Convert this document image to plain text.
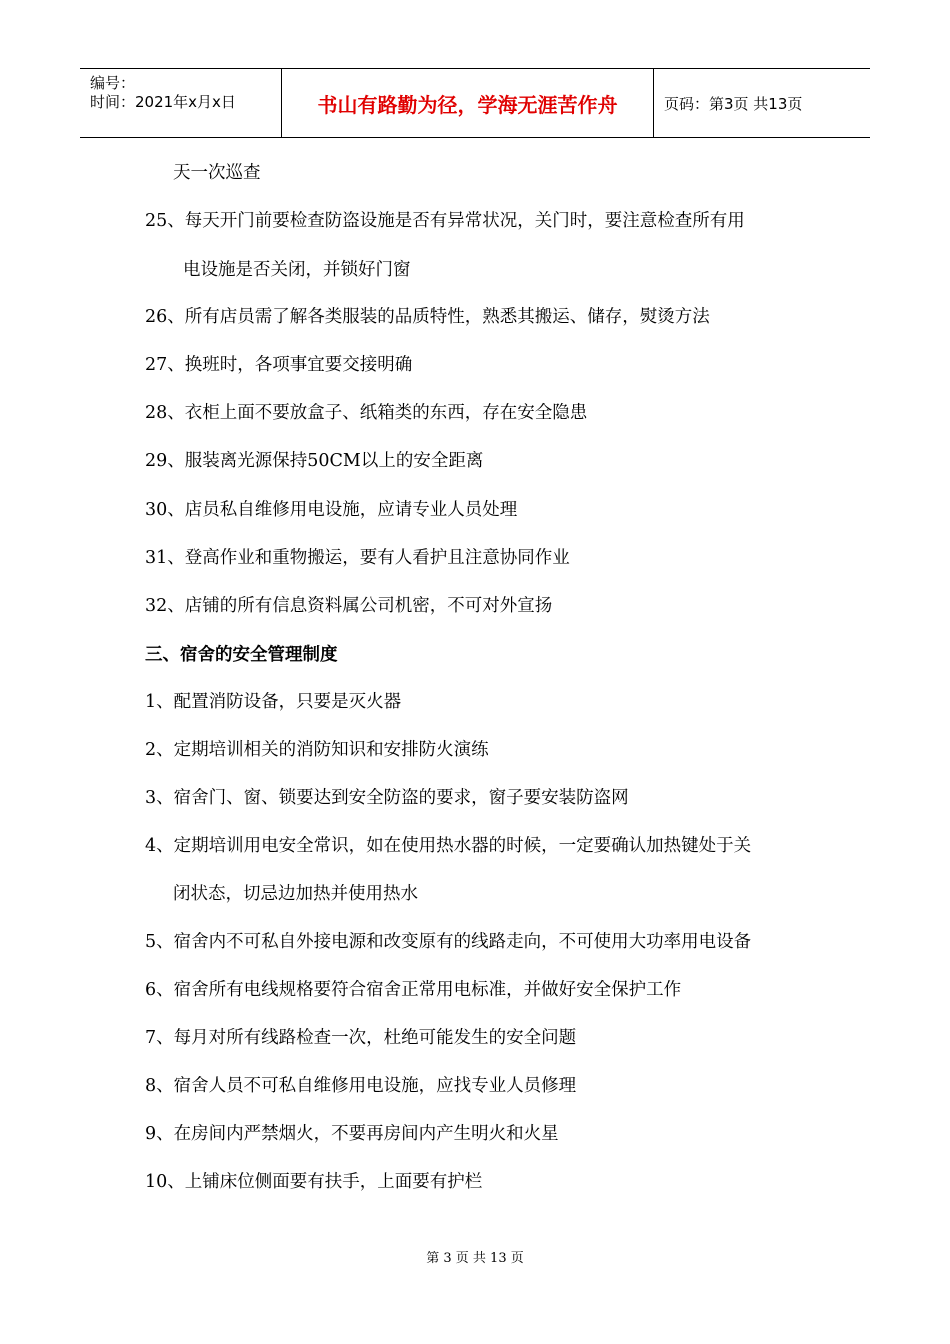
编号：
时间：2021年x月x日	书山有路勤为径，学海无涯苦作舟	页码：第3页 共13页
天一次巡查
25、每天开门前要检查防盗设施是否有异常状况，关门时，要注意检查所有用
电设施是否关闭，并锁好门窗
26、所有店员需了解各类服装的品质特性，熟悉其搬运、储存，熨烫方法
27、换班时，各项事宜要交接明确
28、衣柜上面不要放盒子、纸箱类的东西，存在安全隐患
29、服装离光源保持50CM以上的安全距离
30、店员私自维修用电设施，应请专业人员处理
31、登高作业和重物搬运，要有人看护且注意协同作业
32、店铺的所有信息资料属公司机密，不可对外宣扬
三、宿舍的安全管理制度
1、配置消防设备，只要是灭火器
2、定期培训相关的消防知识和安排防火演练
3、宿舍门、窗、锁要达到安全防盗的要求，窗子要安装防盗网
4、定期培训用电安全常识，如在使用热水器的时候，一定要确认加热键处于关
闭状态，切忌边加热并使用热水
5、宿舍内不可私自外接电源和改变原有的线路走向，不可使用大功率用电设备
6、宿舍所有电线规格要符合宿舍正常用电标准，并做好安全保护工作
7、每月对所有线路检查一次，杜绝可能发生的安全问题
8、宿舍人员不可私自维修用电设施，应找专业人员修理
9、在房间内严禁烟火，不要再房间内产生明火和火星
10、上铺床位侧面要有扶手，上面要有护栏
第 3 页 共 13 页
